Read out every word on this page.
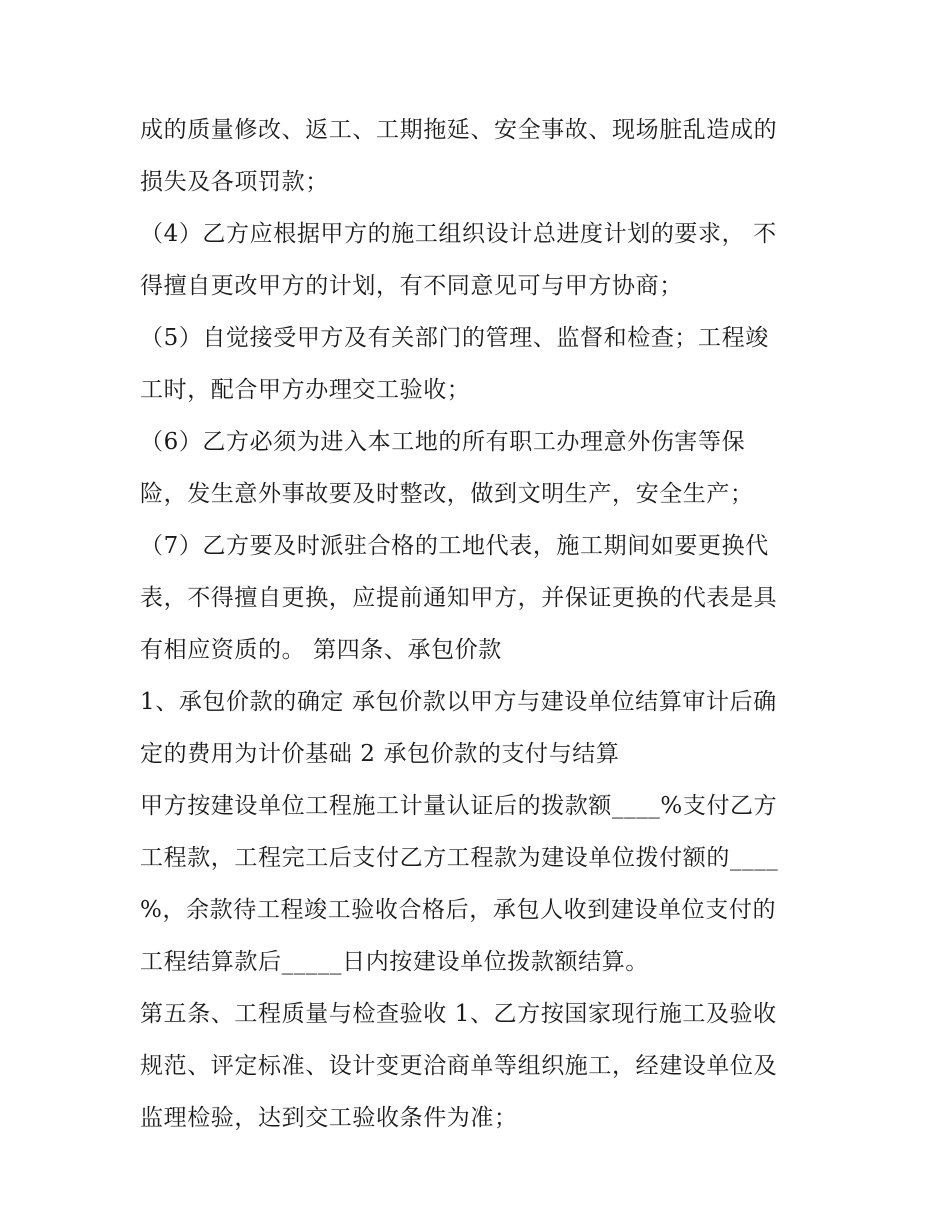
成的质量修改、返工、工期拖延、安全事故、现场脏乱造成的
损失及各项罚款；
（4）乙方应根据甲方的施工组织设计总进度计划的要求， 不
得擅自更改甲方的计划，有不同意见可与甲方协商；
（5）自觉接受甲方及有关部门的管理、监督和检查；工程竣
工时，配合甲方办理交工验收；
（6）乙方必须为进入本工地的所有职工办理意外伤害等保
险，发生意外事故要及时整改，做到文明生产，安全生产；
（7）乙方要及时派驻合格的工地代表，施工期间如要更换代
表，不得擅自更换，应提前通知甲方，并保证更换的代表是具
有相应资质的。 第四条、承包价款
1、承包价款的确定 承包价款以甲方与建设单位结算审计后确
定的费用为计价基础 2 承包价款的支付与结算
甲方按建设单位工程施工计量认证后的拨款额____%支付乙方
工程款，工程完工后支付乙方工程款为建设单位拨付额的____
%，余款待工程竣工验收合格后，承包人收到建设单位支付的
工程结算款后_____日内按建设单位拨款额结算。
第五条、工程质量与检查验收 1、乙方按国家现行施工及验收
规范、评定标准、设计变更洽商单等组织施工，经建设单位及
监理检验，达到交工验收条件为准；
